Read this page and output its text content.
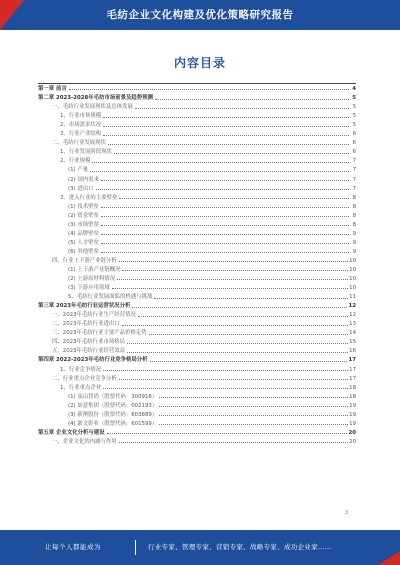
毛纺企业文化构建及优化策略研究报告
内容目录
第一章 前言	4
第二章 2023-2028年毛纺市场前景及趋势预测	5
一、毛纺行业发展现状及总体发展	5
1、行业市场规模	5
2、市场需求状况	5
3、行业产业结构	6
二、毛纺行业发展现状	6
1、行业发展阶段现状	6
2、行业规模	7
(1) 产量	7
(2) 国内需求	7
(3) 进出口	7
3、进入行业的主要壁垒	8
(1) 技术壁垒	8
(2) 资金壁垒	8
(3) 市场壁垒	8
(4) 品牌壁垒	9
(5) 人才壁垒	9
(6) 其他壁垒	9
四、行业上下游产业链分析	10
(1) 上下游产业链概况	10
(2) 上游原材料情况	10
(3) 下游应用领域	10
5、毛纺行业发展面临的机遇与挑战	11
第三章 2023年毛纺行业运营状况分析	12
一、2023年毛纺行业生产经营情况	12
二、2023年毛纺行业进出口	13
三、2023年毛纺行业主要产品价格走势	14
四、2023年毛纺行业市场格局	15
五、2023年毛纺行业经营效益	16
第四章 2022-2023年毛纺行业竞争格局分析	17
1、行业竞争情况	17
二、行业重点企业竞争分析	17
1、行业重点企业	18
(1) 南山智尚（股票代码：300918）	18
(2) 如意集团（股票代码：002193）	19
(3) 新澳股份（股票代码：603889）	19
(4) 浙文影业（股票代码：601599）	19
第五章 企业文化分析与建设	20
一、企业文化的内涵与作用	20
3
让每个人都能成为	行业专家、管理专家、营销专家、战略专家、成功企业家……
